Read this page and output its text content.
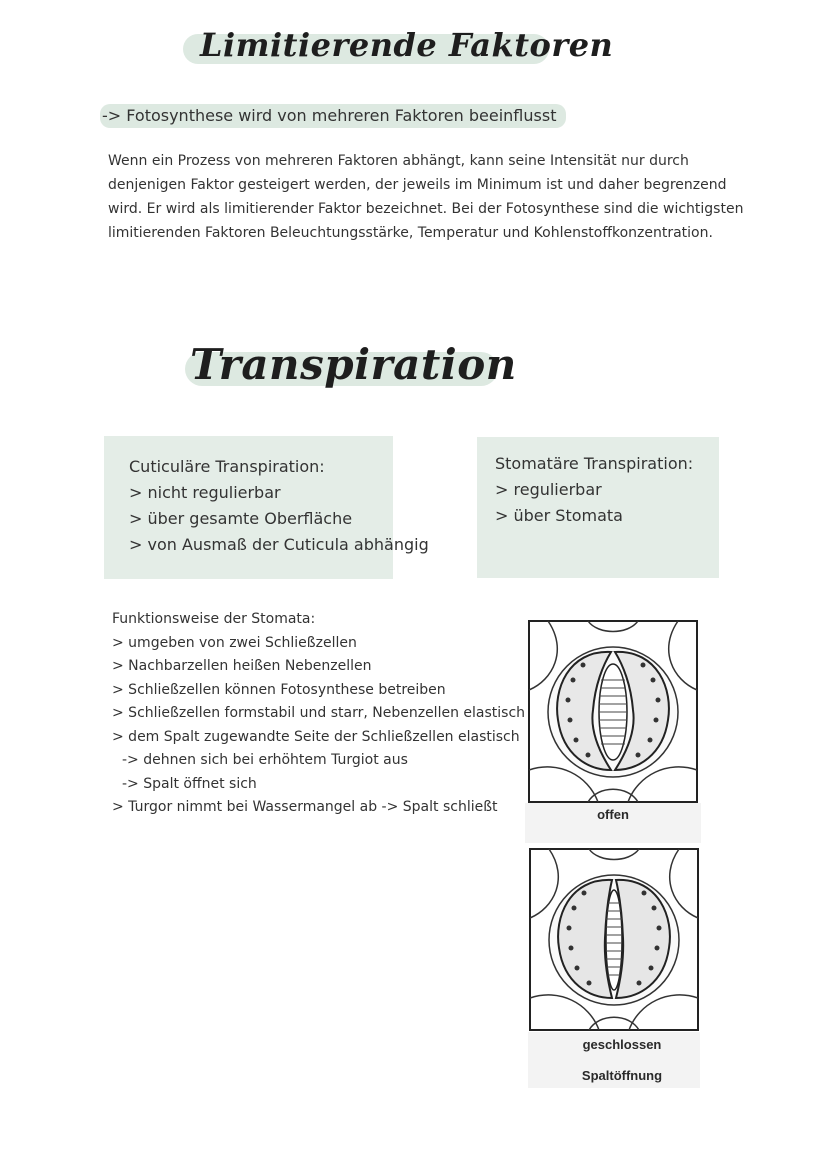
Limitierende Faktoren
-> Fotosynthese wird von mehreren Faktoren beeinflusst
Wenn ein Prozess von mehreren Faktoren abhängt, kann seine Intensität nur durch denjenigen Faktor gesteigert werden, der jeweils im Minimum ist und daher begrenzend wird. Er wird als limitierender Faktor bezeichnet. Bei der Fotosynthese sind die wichtigsten limitierenden Faktoren Beleuchtungsstärke, Temperatur und Kohlenstoffkonzentration.
Transpiration
Cuticuläre Transpiration:
> nicht regulierbar
> über gesamte Oberfläche
> von Ausmaß der Cuticula abhängig
Stomatäre Transpiration:
> regulierbar
> über Stomata
Funktionsweise der Stomata:
> umgeben von zwei Schließzellen
> Nachbarzellen heißen Nebenzellen
> Schließzellen können Fotosynthese betreiben
> Schließzellen formstabil und starr, Nebenzellen elastisch
> dem Spalt zugewandte Seite der Schließzellen elastisch
-> dehnen sich bei erhöhtem Turgiot aus
-> Spalt öffnet sich
> Turgor nimmt bei Wassermangel ab -> Spalt schließt	offen
geschlossen
Spaltöffnung
